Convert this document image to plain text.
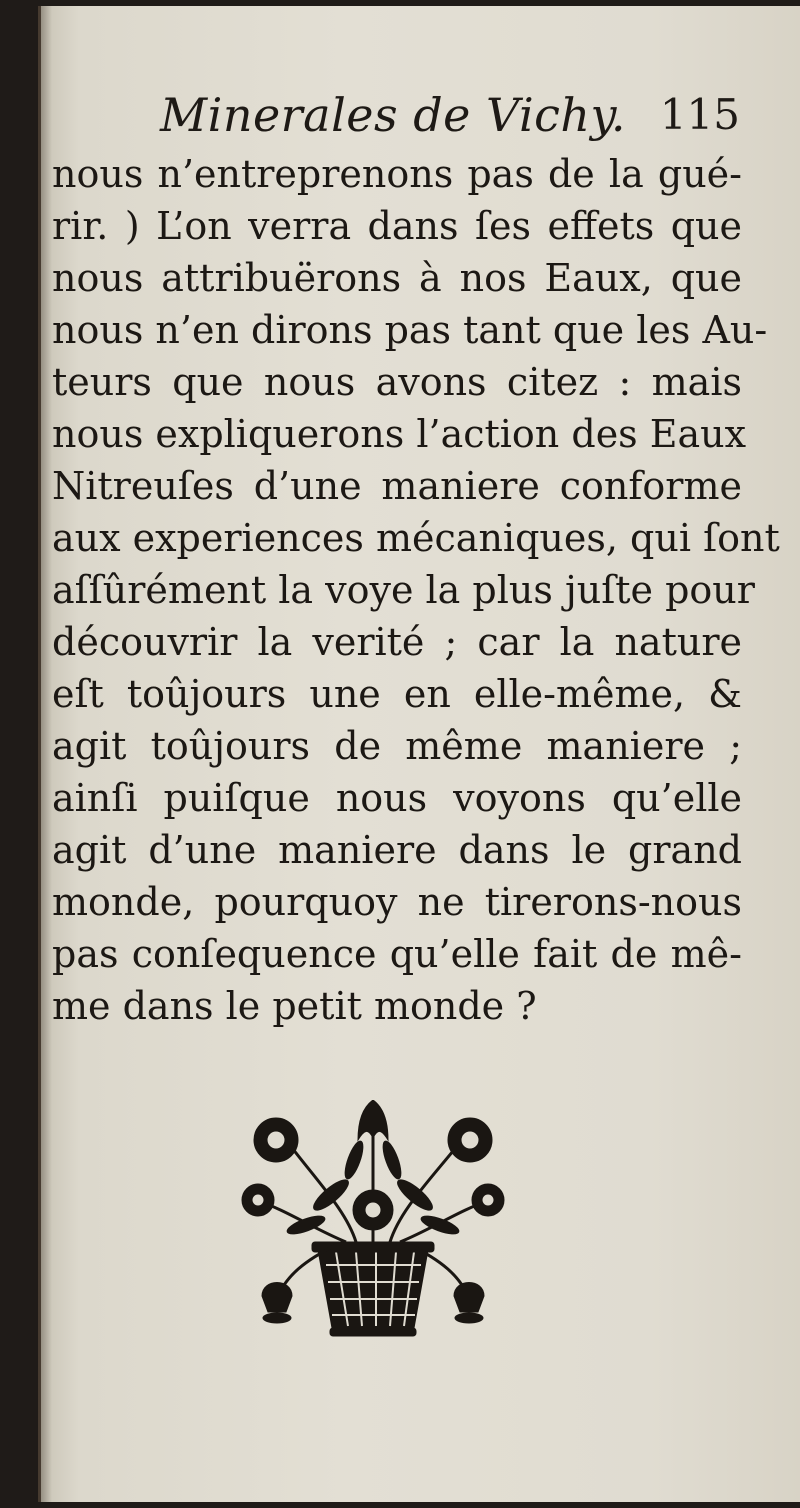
Minerales de Vichy. 115
nous n’entreprenons pas de la gué-
rir. ) L’on verra dans ſes effets que
nous attribuërons à nos Eaux, que
nous n’en dirons pas tant que les Au-
teurs que nous avons citez : mais
nous expliquerons l’action des Eaux
Nitreuſes d’une maniere conforme
aux experiences mécaniques, qui ſont
aſſûrément la voye la plus juſte pour
découvrir la verité ; car la nature
eſt toûjours une en elle-même, &
agit toûjours de même maniere ;
ainſi puiſque nous voyons qu’elle
agit d’une maniere dans le grand
monde, pourquoy ne tirerons-nous
pas conſequence qu’elle fait de mê-
me dans le petit monde ?
